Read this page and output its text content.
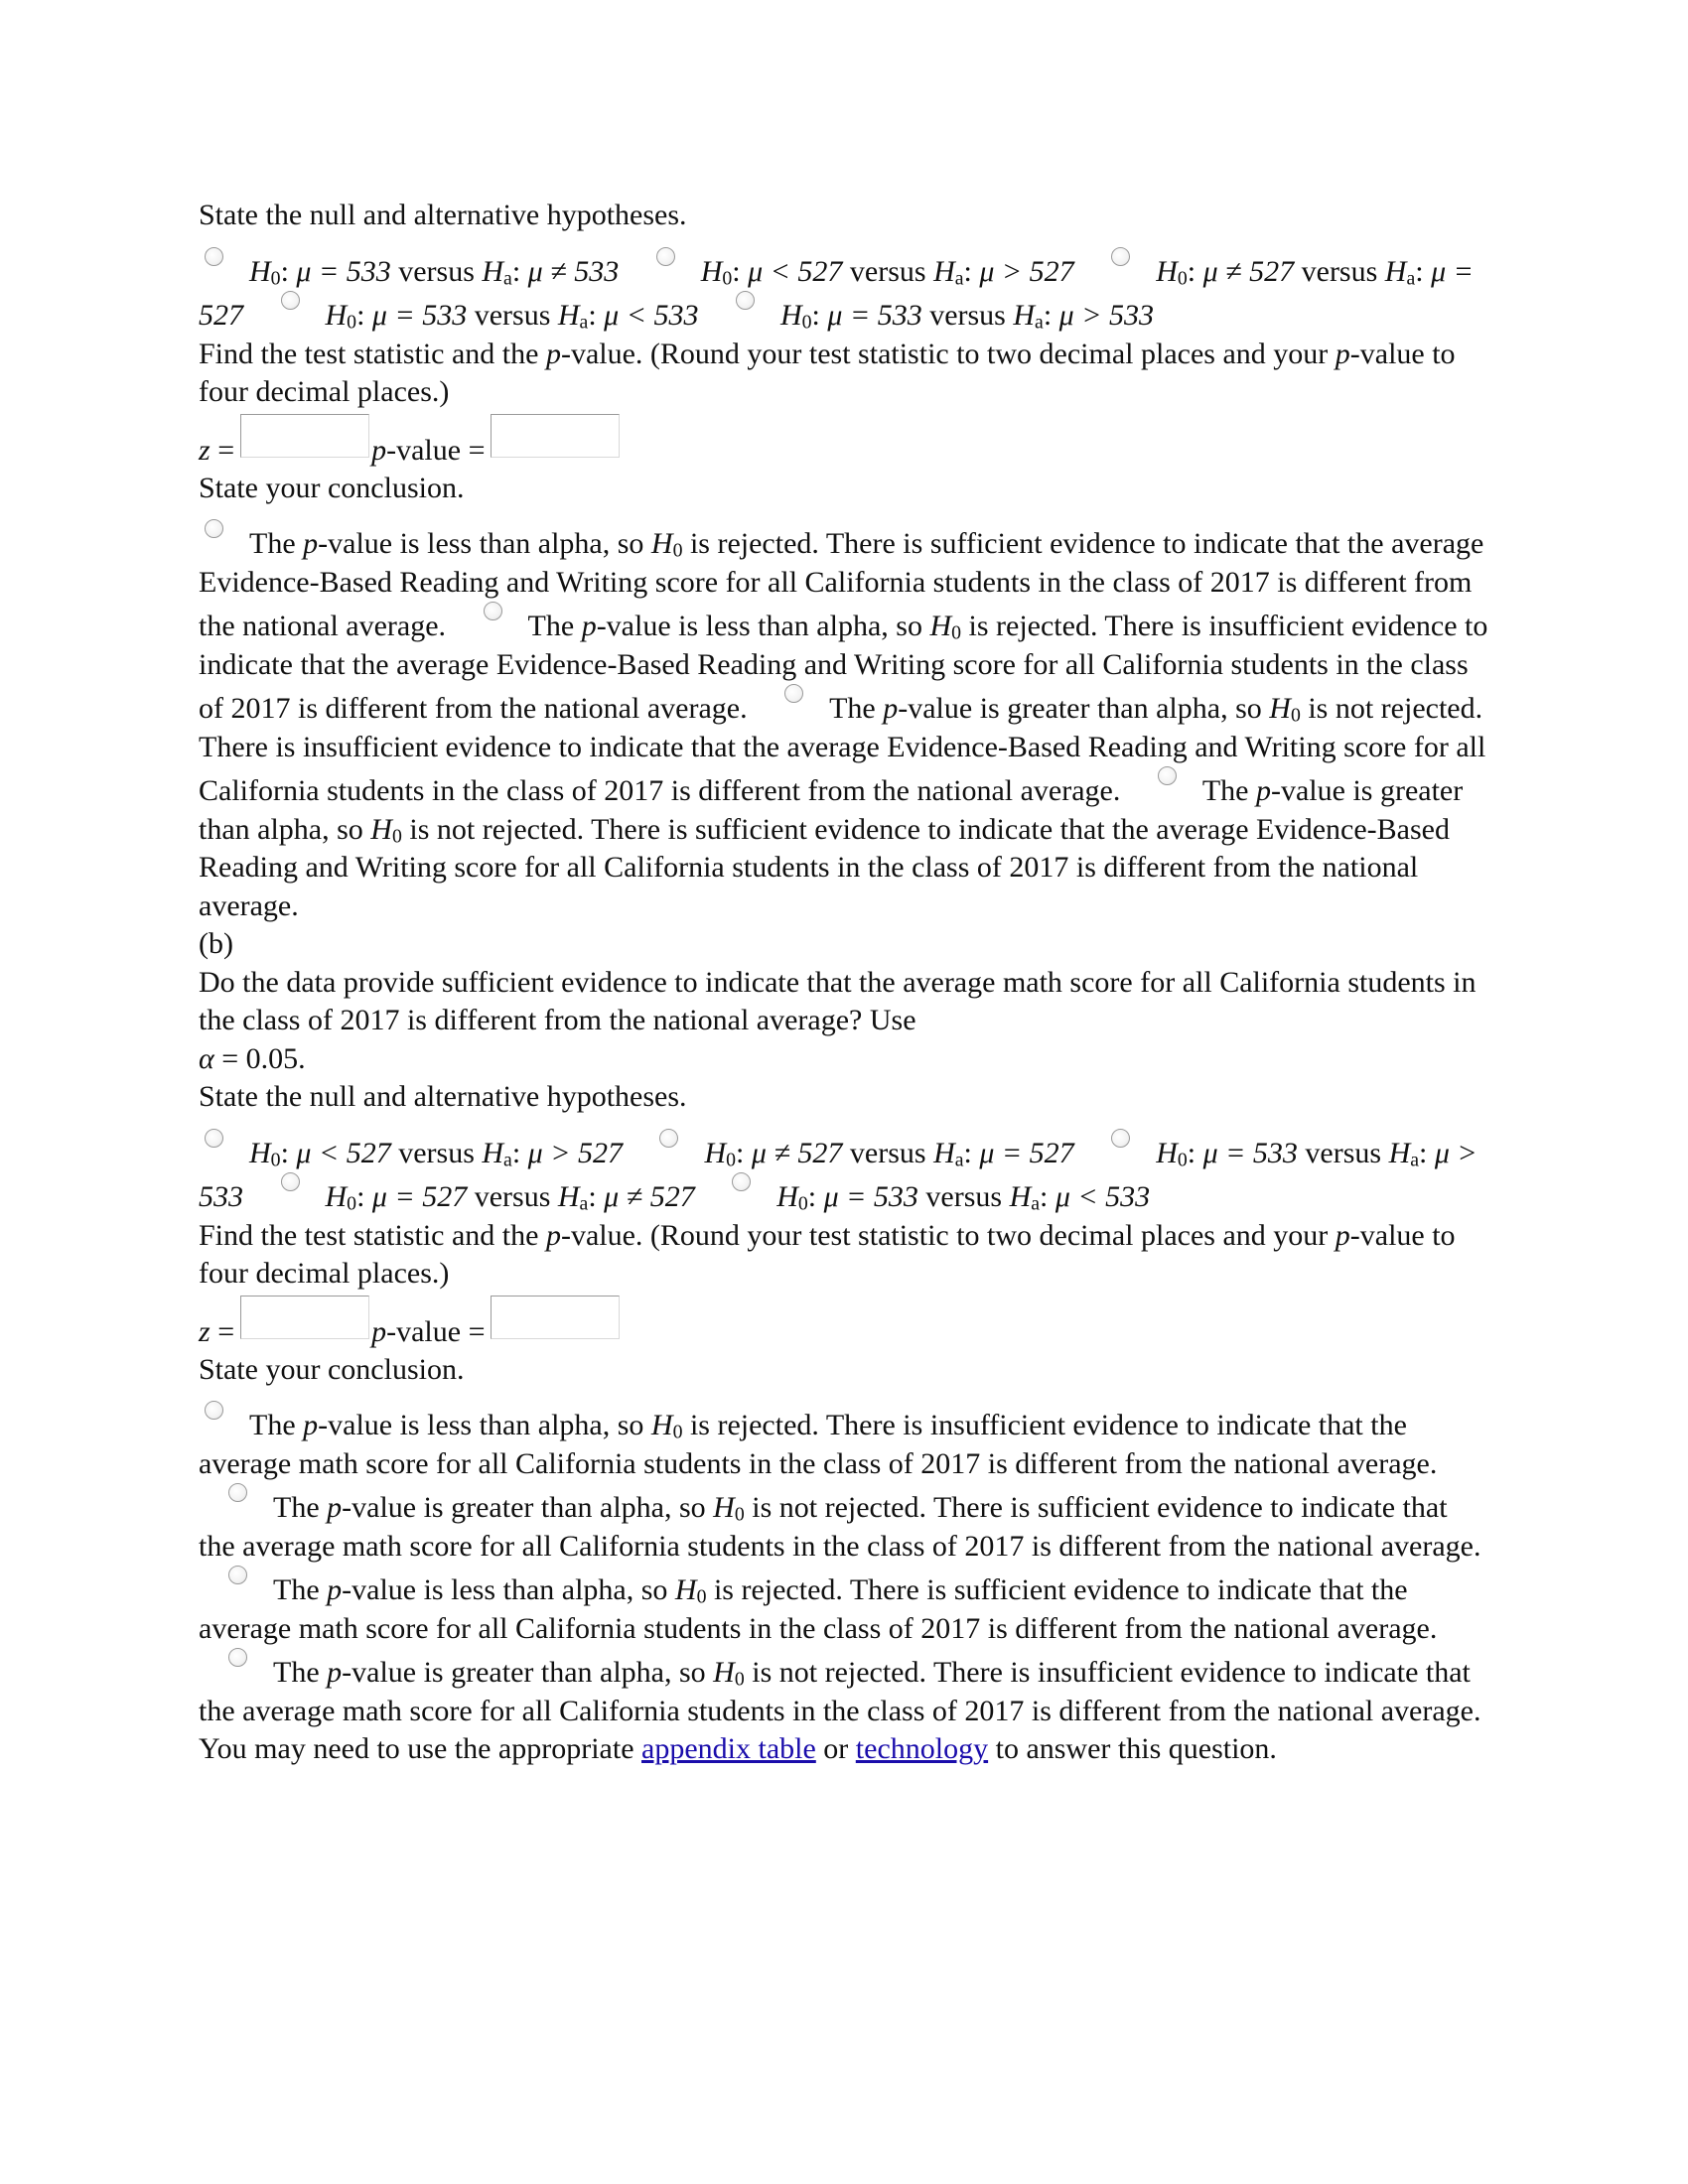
State the null and alternative hypotheses.

$H_0$: μ = 533 versus $H_a$: μ ≠ 533	$H_0$: μ < 527 versus $H_a$: μ > 527	$H_0$: μ ≠ 527 versus $H_a$: μ = 527	$H_0$: μ = 533 versus $H_a$: μ < 533	$H_0$: μ = 533 versus $H_a$: μ > 533

Find the test statistic and the p-value. (Round your test statistic to two decimal places and your p-value to four decimal places.)

z =	p-value =

State your conclusion.

The p-value is less than alpha, so $H_0$ is rejected. There is sufficient evidence to indicate that the average Evidence-Based Reading and Writing score for all California students in the class of 2017 is different from the national average.	The p-value is less than alpha, so $H_0$ is rejected. There is insufficient evidence to indicate that the average Evidence-Based Reading and Writing score for all California students in the class of 2017 is different from the national average.	The p-value is greater than alpha, so $H_0$ is not rejected. There is insufficient evidence to indicate that the average Evidence-Based Reading and Writing score for all California students in the class of 2017 is different from the national average.	The p-value is greater than alpha, so $H_0$ is not rejected. There is sufficient evidence to indicate that the average Evidence-Based Reading and Writing score for all California students in the class of 2017 is different from the national average.

(b)

Do the data provide sufficient evidence to indicate that the average math score for all California students in the class of 2017 is different from the national average? Use

α = 0.05.

State the null and alternative hypotheses.

$H_0$: μ < 527 versus $H_a$: μ > 527	$H_0$: μ ≠ 527 versus $H_a$: μ = 527	$H_0$: μ = 533 versus $H_a$: μ > 533	$H_0$: μ = 527 versus $H_a$: μ ≠ 527	$H_0$: μ = 533 versus $H_a$: μ < 533

Find the test statistic and the p-value. (Round your test statistic to two decimal places and your p-value to four decimal places.)

z =	p-value =

State your conclusion.

The p-value is less than alpha, so $H_0$ is rejected. There is insufficient evidence to indicate that the average math score for all California students in the class of 2017 is different from the national average. The p-value is greater than alpha, so $H_0$ is not rejected. There is sufficient evidence to indicate that the average math score for all California students in the class of 2017 is different from the national average. The p-value is less than alpha, so $H_0$ is rejected. There is sufficient evidence to indicate that the average math score for all California students in the class of 2017 is different from the national average. The p-value is greater than alpha, so $H_0$ is not rejected. There is insufficient evidence to indicate that the average math score for all California students in the class of 2017 is different from the national average.

You may need to use the appropriate appendix table or technology to answer this question.
